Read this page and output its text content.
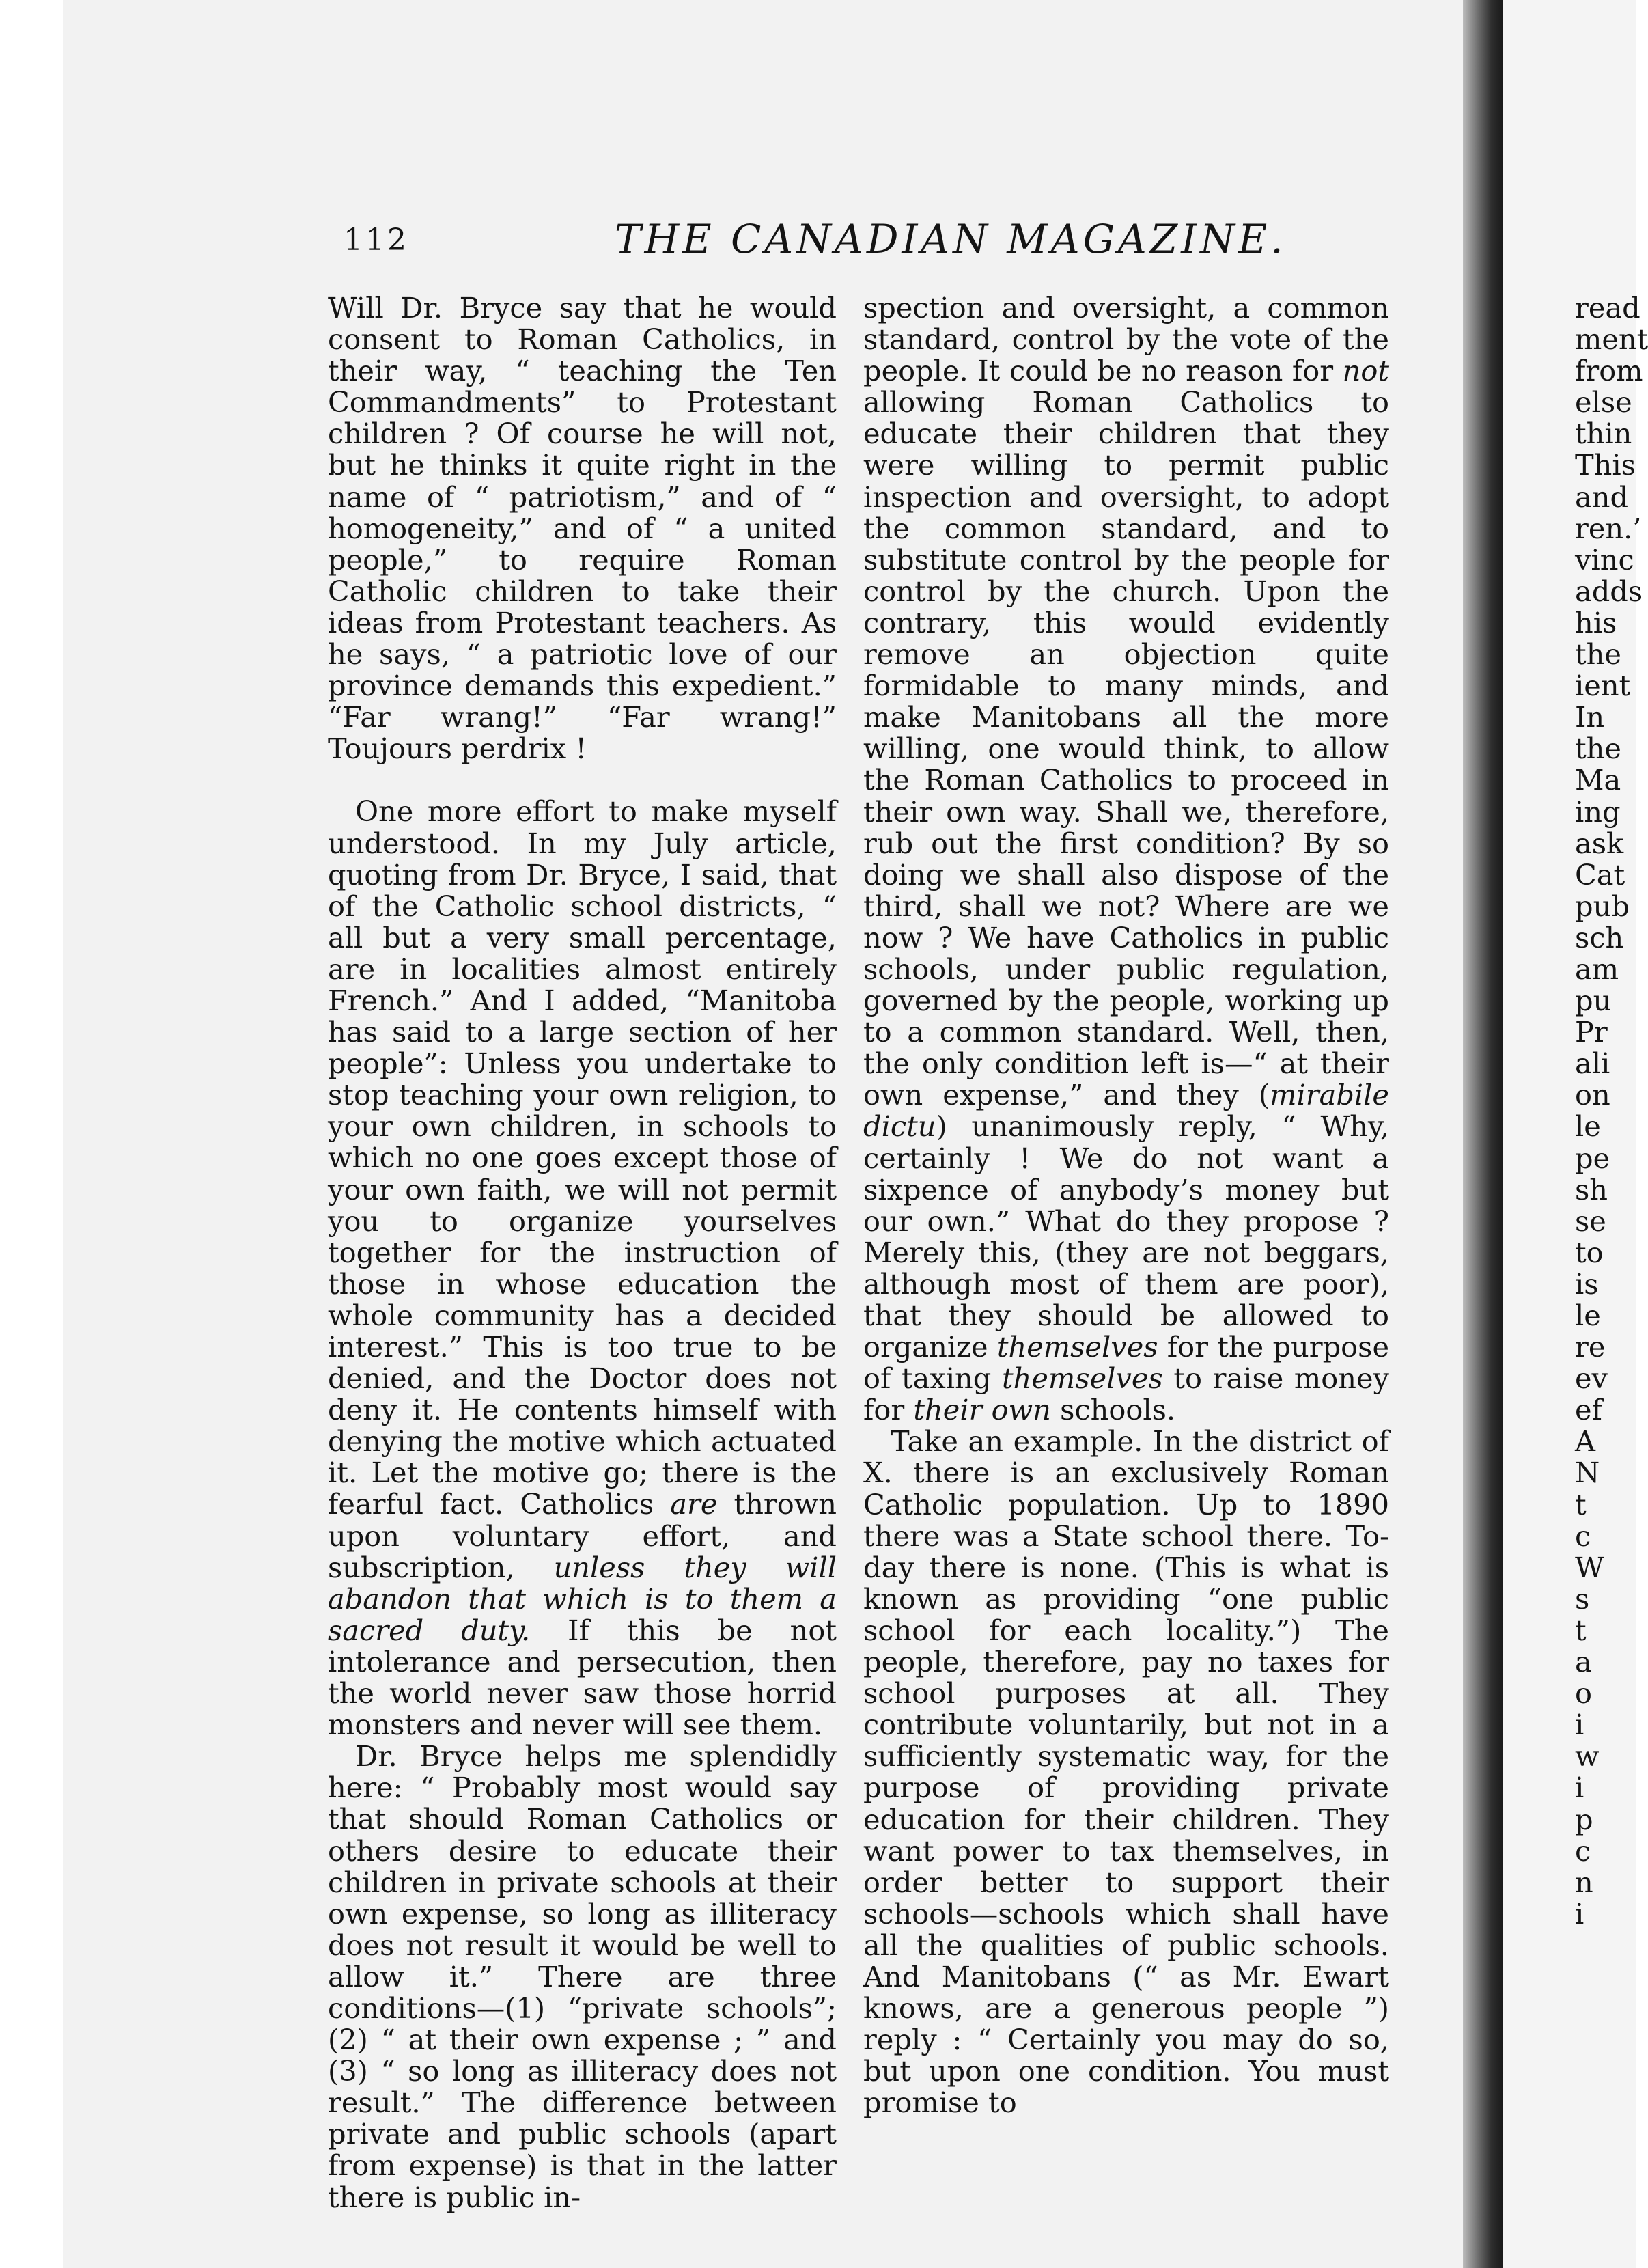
112	THE CANADIAN MAGAZINE.

Will Dr. Bryce say that he would consent to Roman Catholics, in their way, “ teaching the Ten Commandments” to Protestant children ? Of course he will not, but he thinks it quite right in the name of “ patriotism,” and of “ homogeneity,” and of “ a united people,” to require Roman Catholic children to take their ideas from Protestant teachers. As he says, “ a patriotic love of our province demands this expedient.” “Far wrang!” “Far wrang!” Toujours perdrix !

One more effort to make myself understood. In my July article, quoting from Dr. Bryce, I said, that of the Catholic school districts, “ all but a very small percentage, are in localities almost entirely French.” And I added, “Manitoba has said to a large section of her people”: Unless you undertake to stop teaching your own religion, to your own children, in schools to which no one goes except those of your own faith, we will not permit you to organize yourselves together for the instruction of those in whose education the whole community has a decided interest.” This is too true to be denied, and the Doctor does not deny it. He contents himself with denying the motive which actuated it. Let the motive go; there is the fearful fact. Catholics are thrown upon voluntary effort, and subscription, unless they will abandon that which is to them a sacred duty. If this be not intolerance and persecution, then the world never saw those horrid monsters and never will see them.

Dr. Bryce helps me splendidly here: “ Probably most would say that should Roman Catholics or others desire to educate their children in private schools at their own expense, so long as illiteracy does not result it would be well to allow it.” There are three conditions—(1) “private schools”; (2) “ at their own expense ; ” and (3) “ so long as illiteracy does not result.” The difference between private and public schools (apart from expense) is that in the latter there is public in-

spection and oversight, a common standard, control by the vote of the people. It could be no reason for not allowing Roman Catholics to educate their children that they were willing to permit public inspection and oversight, to adopt the common standard, and to substitute control by the people for control by the church. Upon the contrary, this would evidently remove an objection quite formidable to many minds, and make Manitobans all the more willing, one would think, to allow the Roman Catholics to proceed in their own way. Shall we, therefore, rub out the first condition? By so doing we shall also dispose of the third, shall we not? Where are we now ? We have Catholics in public schools, under public regulation, governed by the people, working up to a common standard. Well, then, the only condition left is—“ at their own expense,” and they (mirabile dictu) unanimously reply, “ Why, certainly ! We do not want a sixpence of anybody’s money but our own.” What do they propose ? Merely this, (they are not beggars, although most of them are poor), that they should be allowed to organize themselves for the purpose of taxing themselves to raise money for their own schools.

Take an example. In the district of X. there is an exclusively Roman Catholic population. Up to 1890 there was a State school there. To-day there is none. (This is what is known as providing “one public school for each locality.”) The people, therefore, pay no taxes for school purposes at all. They contribute voluntarily, but not in a sufficiently systematic way, for the purpose of providing private education for their children. They want power to tax themselves, in order better to support their schools—schools which shall have all the qualities of public schools. And Manitobans (“ as Mr. Ewart knows, are a generous people ”) reply : “ Certainly you may do so, but upon one condition. You must promise to

read
ment
from
else
thin
This
and
ren.’
vinc
adds
his
the
ient
In
the
Ma
ing
ask
Cat
pub
sch
am
pu
Pr
ali
on
le
pe
sh
se
to
is
le
re
ev
ef
A
N
t
c
W
s
t
a
o
i
w
i
p
c
n
i
